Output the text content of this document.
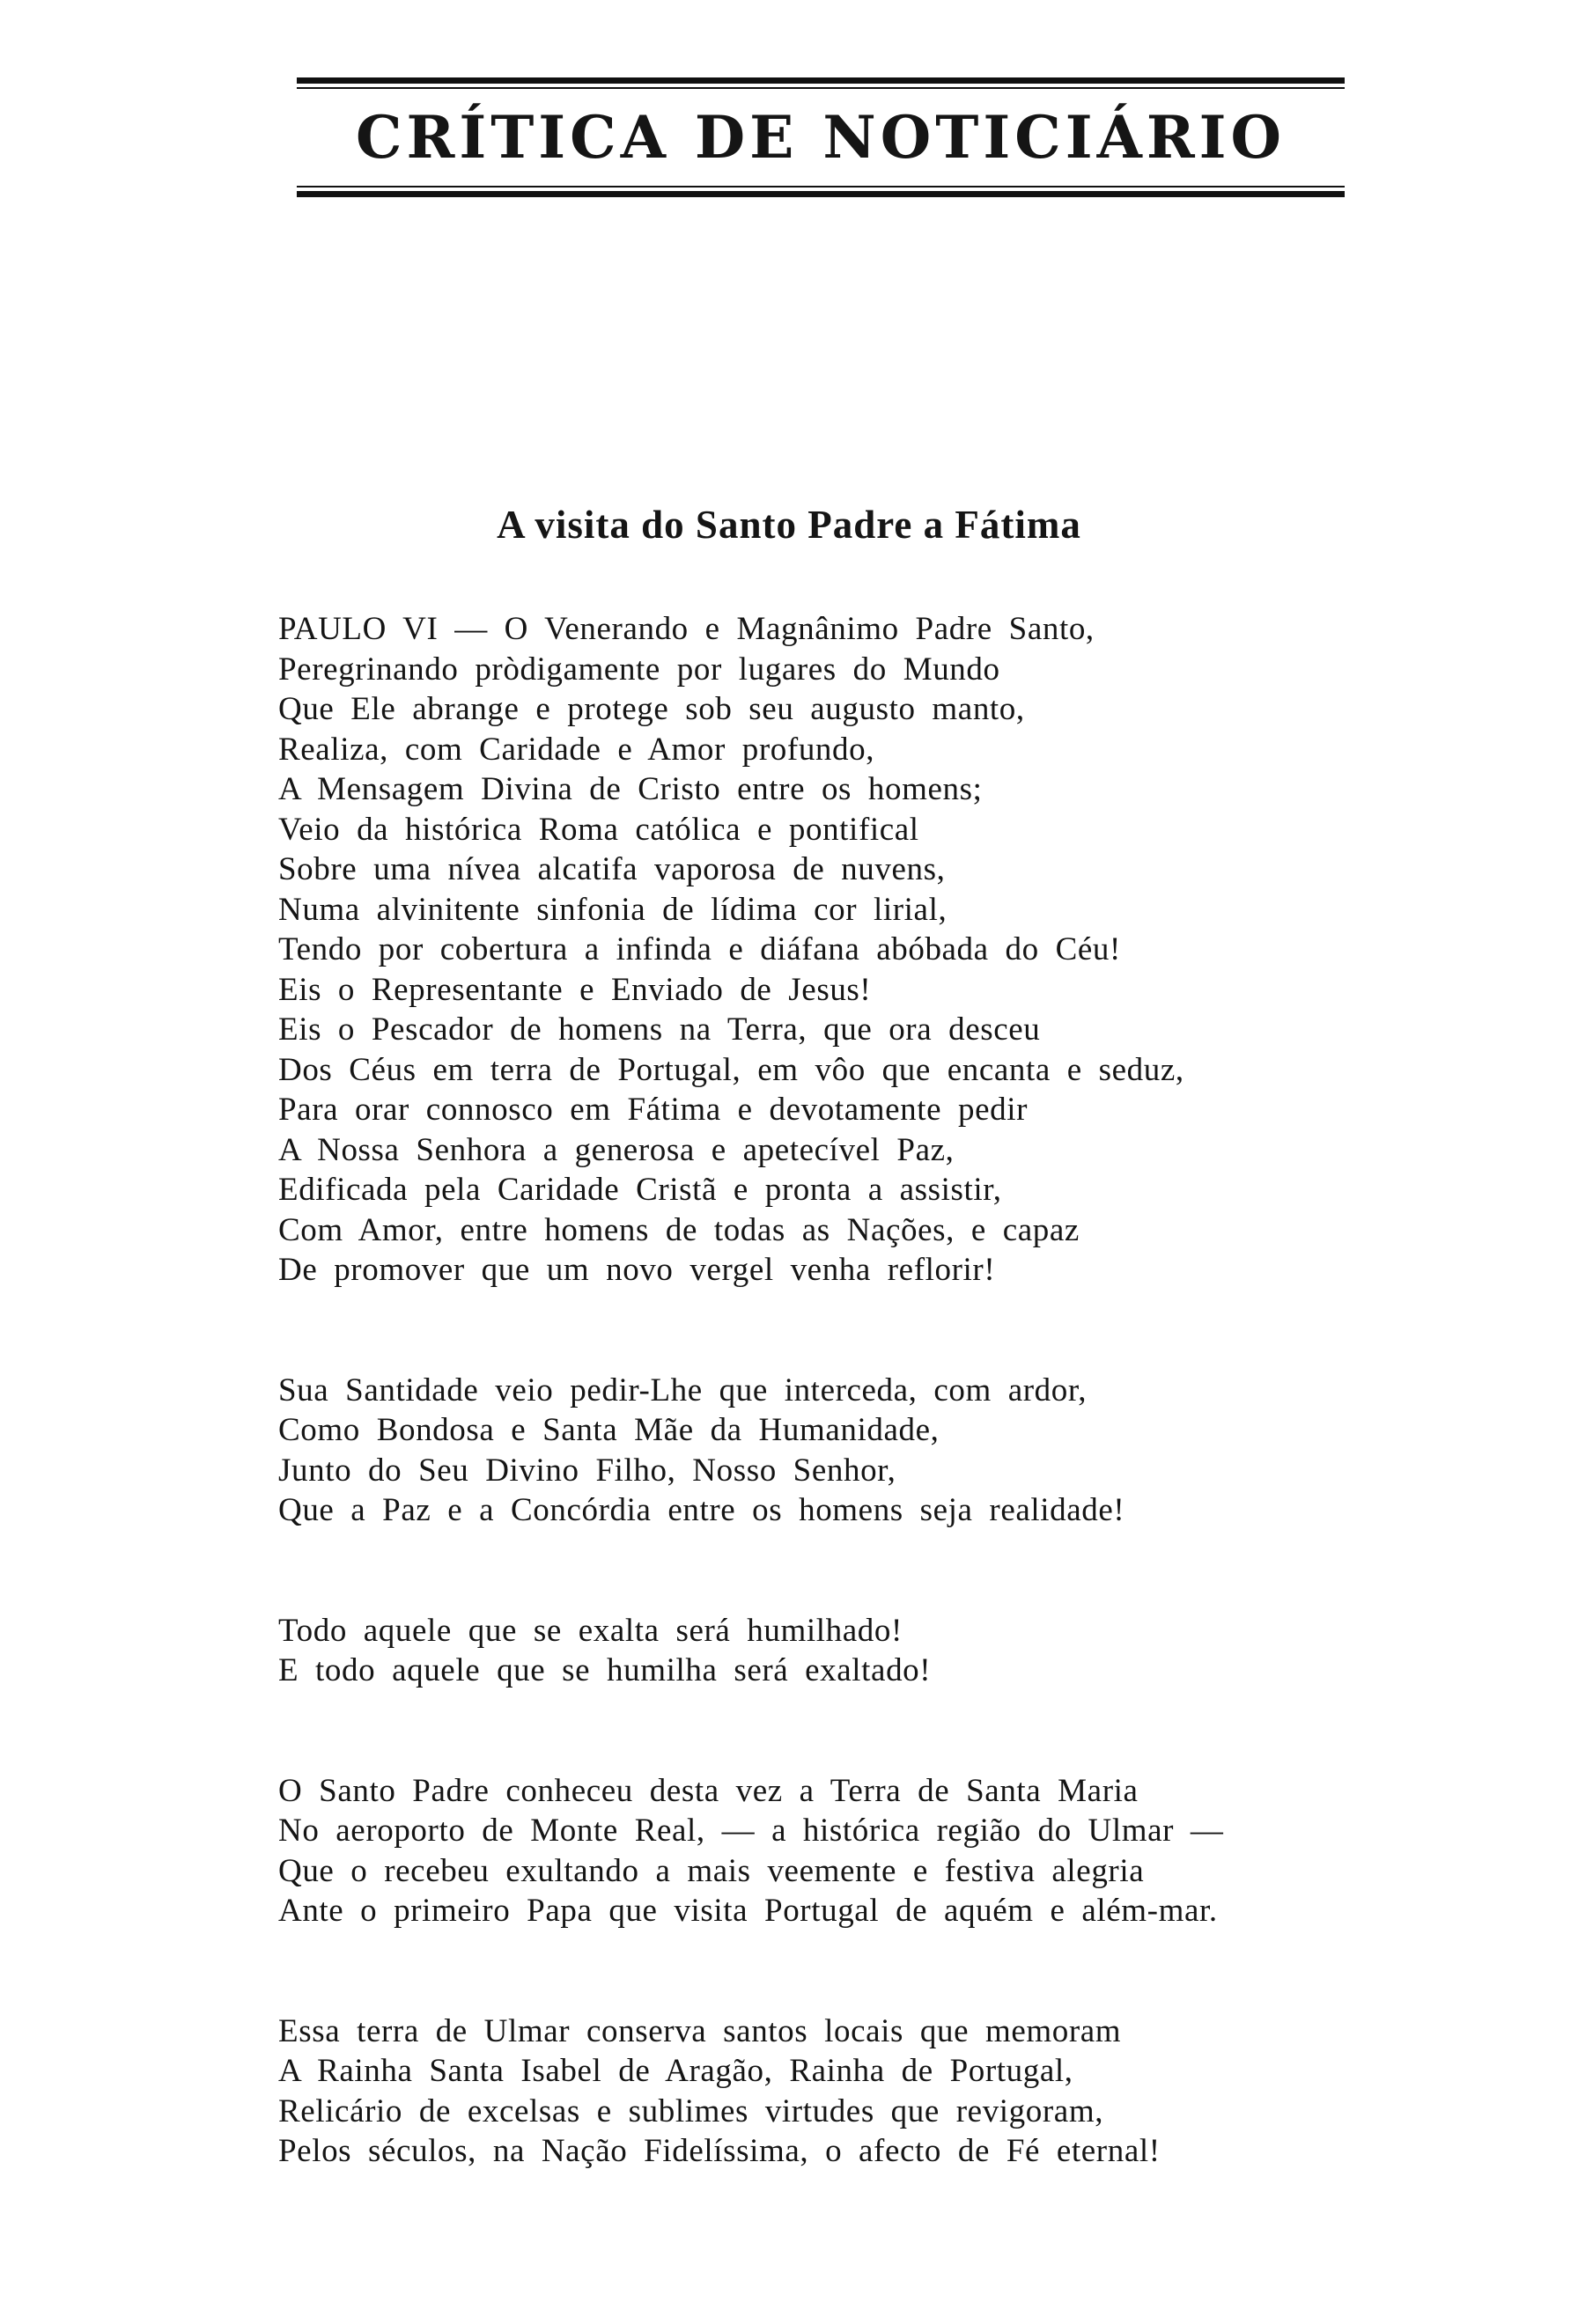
CRÍTICA DE NOTICIÁRIO
A visita do Santo Padre a Fátima
PAULO VI — O Venerando e Magnânimo Padre Santo,
Peregrinando pròdigamente por lugares do Mundo
Que Ele abrange e protege sob seu augusto manto,
Realiza, com Caridade e Amor profundo,
A Mensagem Divina de Cristo entre os homens;
Veio da histórica Roma católica e pontifical
Sobre uma nívea alcatifa vaporosa de nuvens,
Numa alvinitente sinfonia de lídima cor lirial,
Tendo por cobertura a infinda e diáfana abóbada do Céu!
Eis o Representante e Enviado de Jesus!
Eis o Pescador de homens na Terra, que ora desceu
Dos Céus em terra de Portugal, em vôo que encanta e seduz,
Para orar connosco em Fátima e devotamente pedir
A Nossa Senhora a generosa e apetecível Paz,
Edificada pela Caridade Cristã e pronta a assistir,
Com Amor, entre homens de todas as Nações, e capaz
De promover que um novo vergel venha reflorir!
Sua Santidade veio pedir-Lhe que interceda, com ardor,
Como Bondosa e Santa Mãe da Humanidade,
Junto do Seu Divino Filho, Nosso Senhor,
Que a Paz e a Concórdia entre os homens seja realidade!
Todo aquele que se exalta será humilhado!
E todo aquele que se humilha será exaltado!
O Santo Padre conheceu desta vez a Terra de Santa Maria
No aeroporto de Monte Real, — a histórica região do Ulmar —
Que o recebeu exultando a mais veemente e festiva alegria
Ante o primeiro Papa que visita Portugal de aquém e além-mar.
Essa terra de Ulmar conserva santos locais que memoram
A Rainha Santa Isabel de Aragão, Rainha de Portugal,
Relicário de excelsas e sublimes virtudes que revigoram,
Pelos séculos, na Nação Fidelíssima, o afecto de Fé eternal!
